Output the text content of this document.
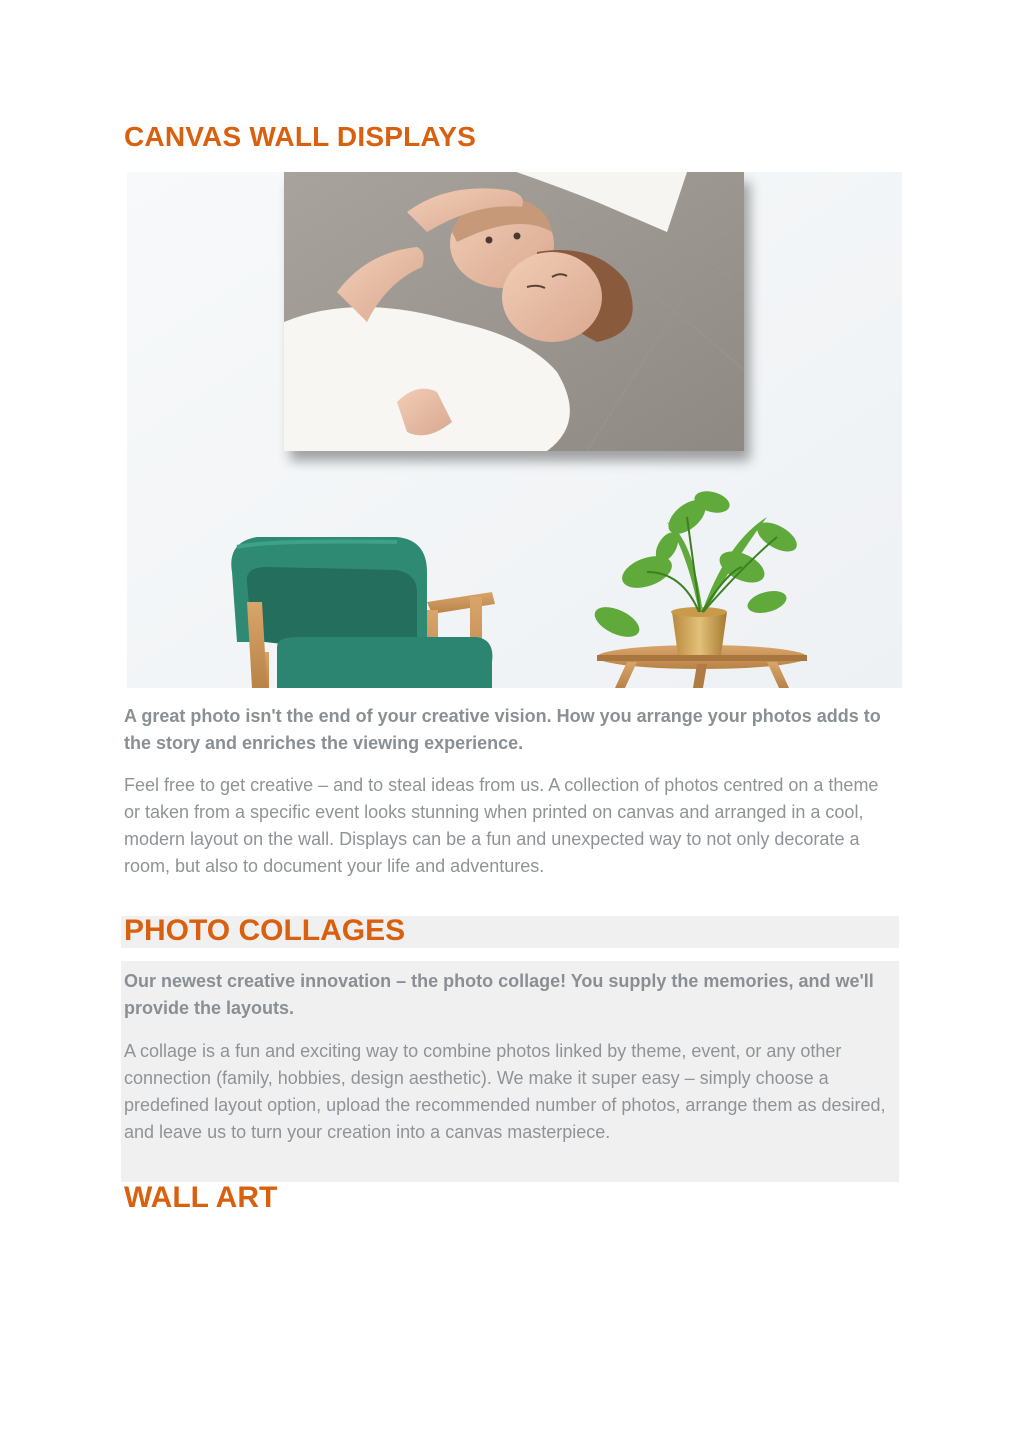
CANVAS WALL DISPLAYS

A great photo isn't the end of your creative vision. How you arrange your photos adds to the story and enriches the viewing experience.

Feel free to get creative – and to steal ideas from us. A collection of photos centred on a theme or taken from a specific event looks stunning when printed on canvas and arranged in a cool, modern layout on the wall. Displays can be a fun and unexpected way to not only decorate a room, but also to document your life and adventures.

PHOTO COLLAGES

Our newest creative innovation – the photo collage! You supply the memories, and we'll provide the layouts.

A collage is a fun and exciting way to combine photos linked by theme, event, or any other connection (family, hobbies, design aesthetic). We make it super easy – simply choose a predefined layout option, upload the recommended number of photos, arrange them as desired, and leave us to turn your creation into a canvas masterpiece.

WALL ART
